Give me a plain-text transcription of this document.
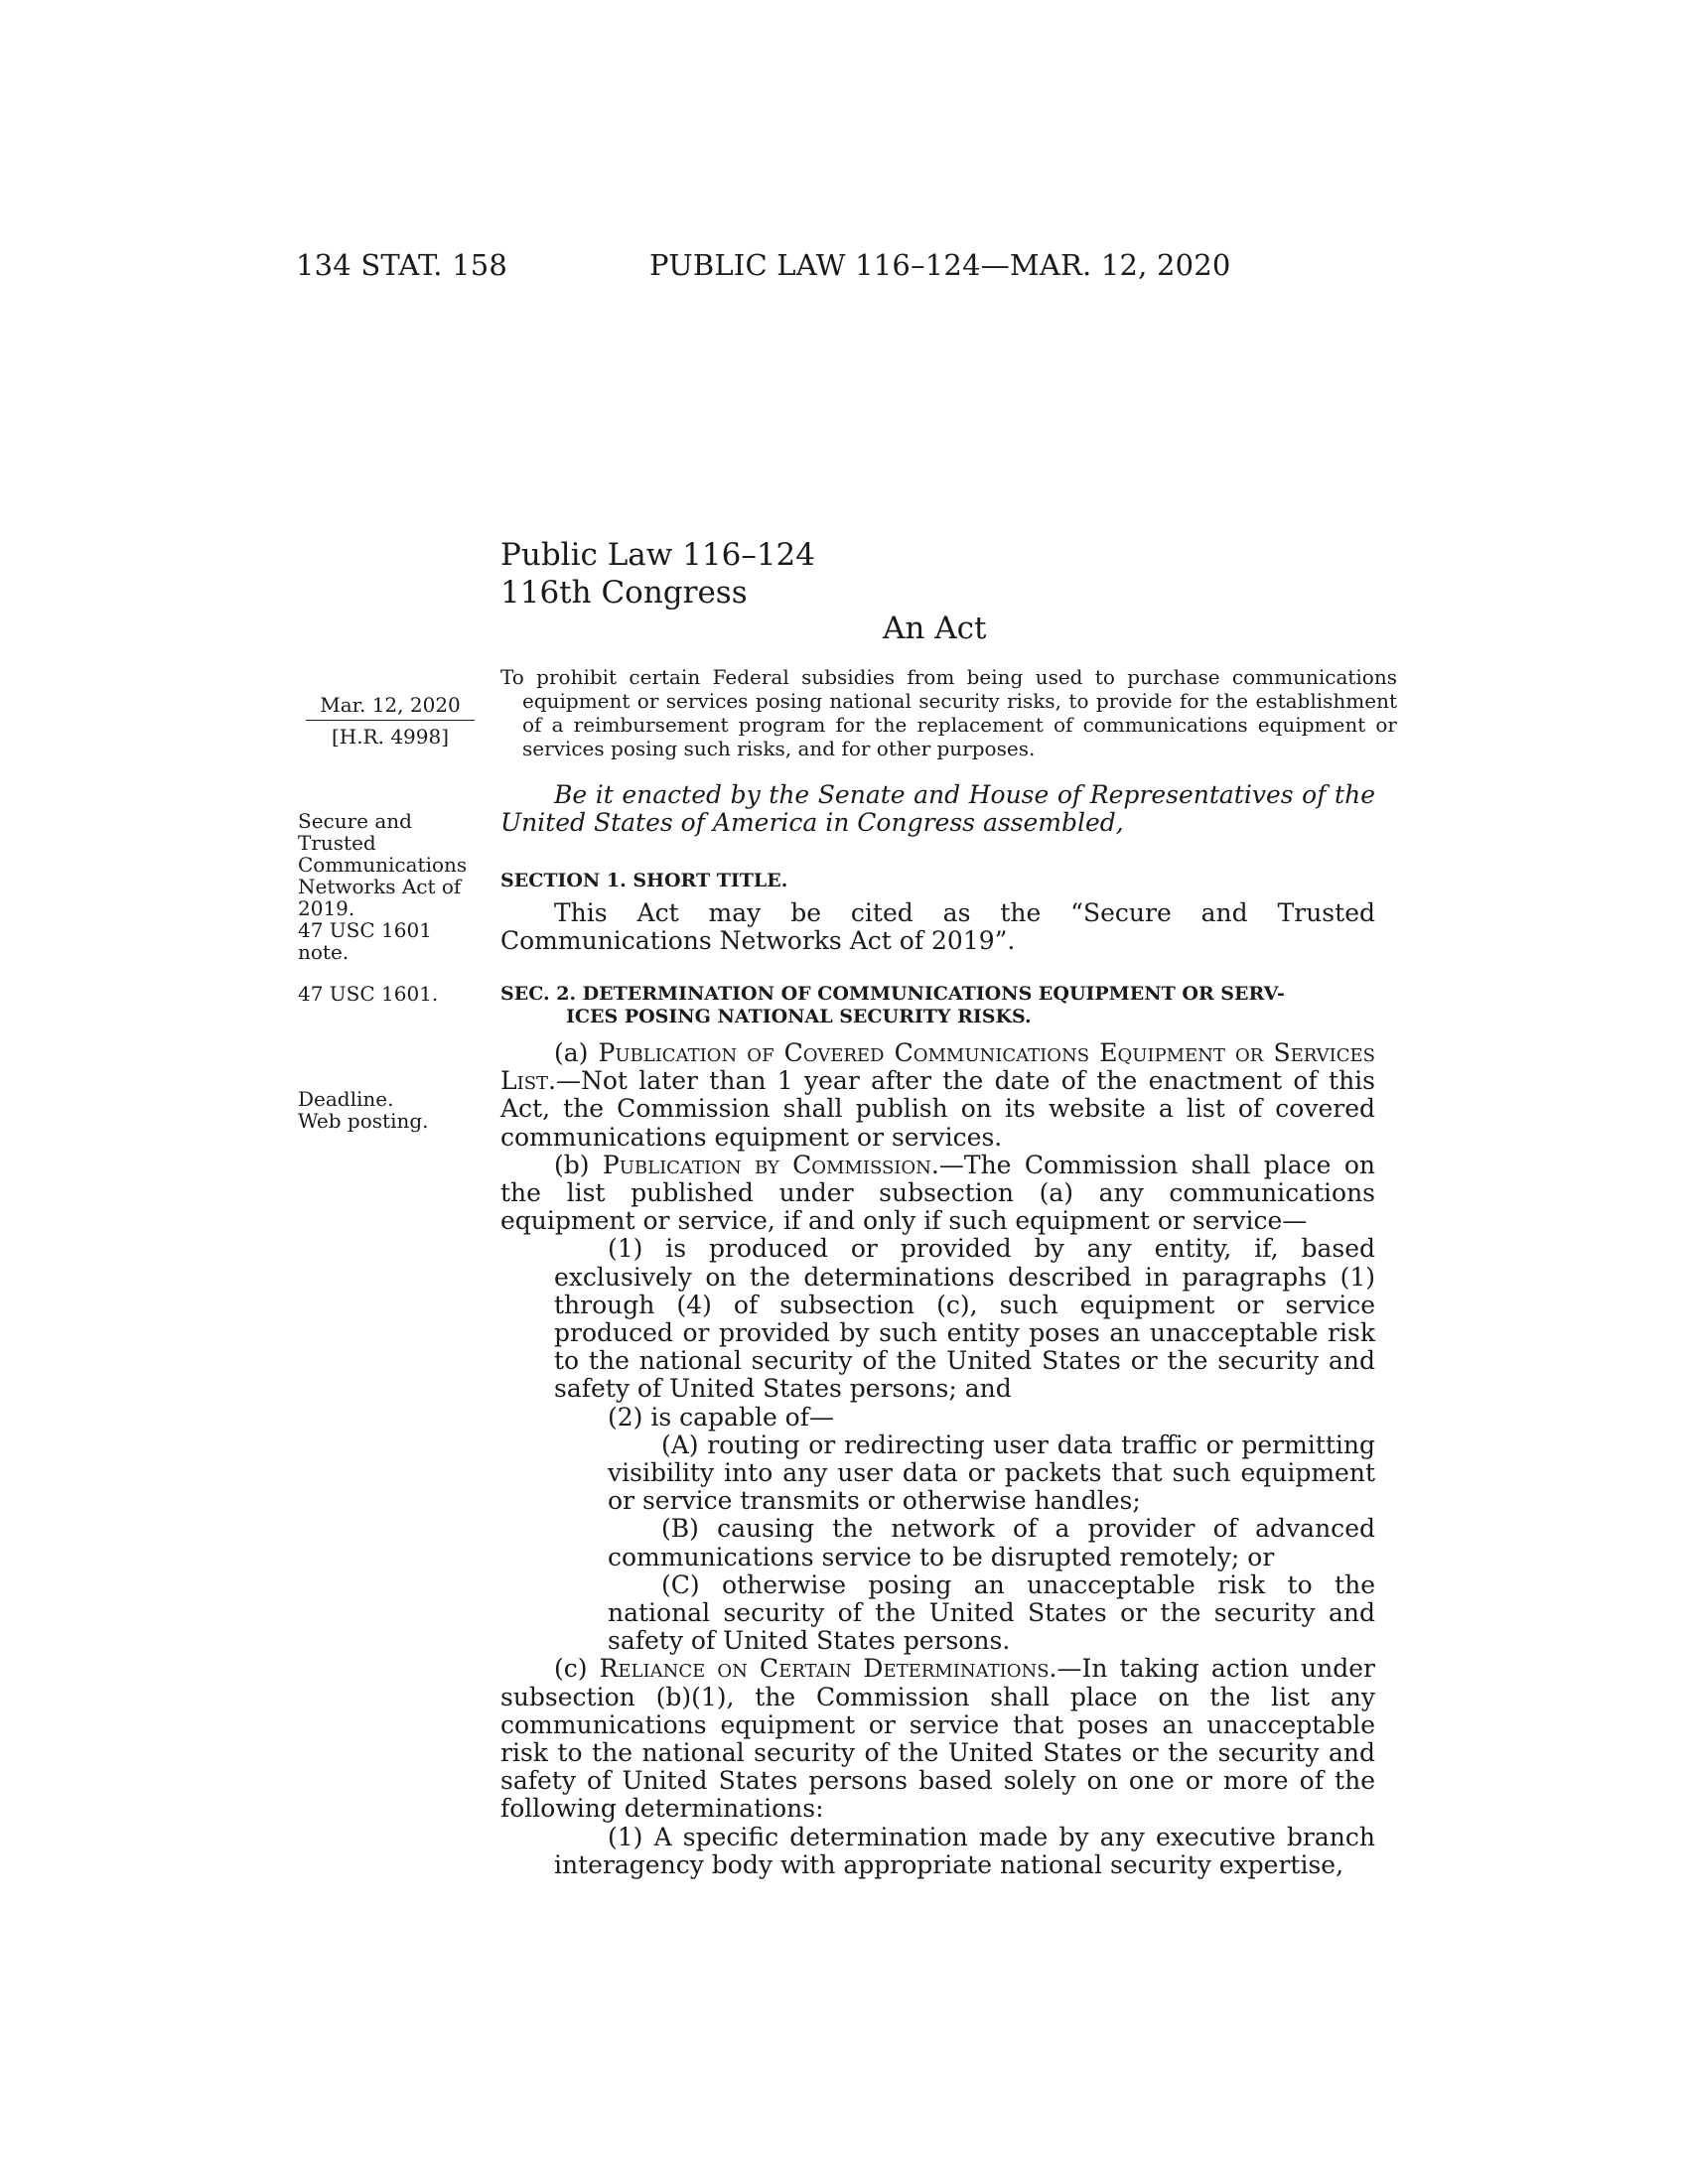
134 STAT. 158	PUBLIC LAW 116–124—MAR. 12, 2020
Public Law 116–124
116th Congress
An Act
To prohibit certain Federal subsidies from being used to purchase communications equipment or services posing national security risks, to provide for the establishment of a reimbursement program for the replacement of communications equipment or services posing such risks, and for other purposes.
Mar. 12, 2020
[H.R. 4998]
Secure and
Trusted
Communications
Networks Act of
2019.
47 USC 1601
note.
47 USC 1601.
Deadline.
Web posting.
Be it enacted by the Senate and House of Representatives of the United States of America in Congress assembled,
SECTION 1. SHORT TITLE.

This Act may be cited as the “Secure and Trusted Communications Networks Act of 2019”.

SEC. 2. DETERMINATION OF COMMUNICATIONS EQUIPMENT OR SERV-
ICES POSING NATIONAL SECURITY RISKS.

(a) Publication of Covered Communications Equipment or Services List.—Not later than 1 year after the date of the enactment of this Act, the Commission shall publish on its website a list of covered communications equipment or services.

(b) Publication by Commission.—The Commission shall place on the list published under subsection (a) any communications equipment or service, if and only if such equipment or service—

(1) is produced or provided by any entity, if, based exclusively on the determinations described in paragraphs (1) through (4) of subsection (c), such equipment or service produced or provided by such entity poses an unacceptable risk to the national security of the United States or the security and safety of United States persons; and

(2) is capable of—

(A) routing or redirecting user data traffic or permitting visibility into any user data or packets that such equipment or service transmits or otherwise handles;

(B) causing the network of a provider of advanced communications service to be disrupted remotely; or

(C) otherwise posing an unacceptable risk to the national security of the United States or the security and safety of United States persons.

(c) Reliance on Certain Determinations.—In taking action under subsection (b)(1), the Commission shall place on the list any communications equipment or service that poses an unacceptable risk to the national security of the United States or the security and safety of United States persons based solely on one or more of the following determinations:

(1) A specific determination made by any executive branch interagency body with appropriate national security expertise,
